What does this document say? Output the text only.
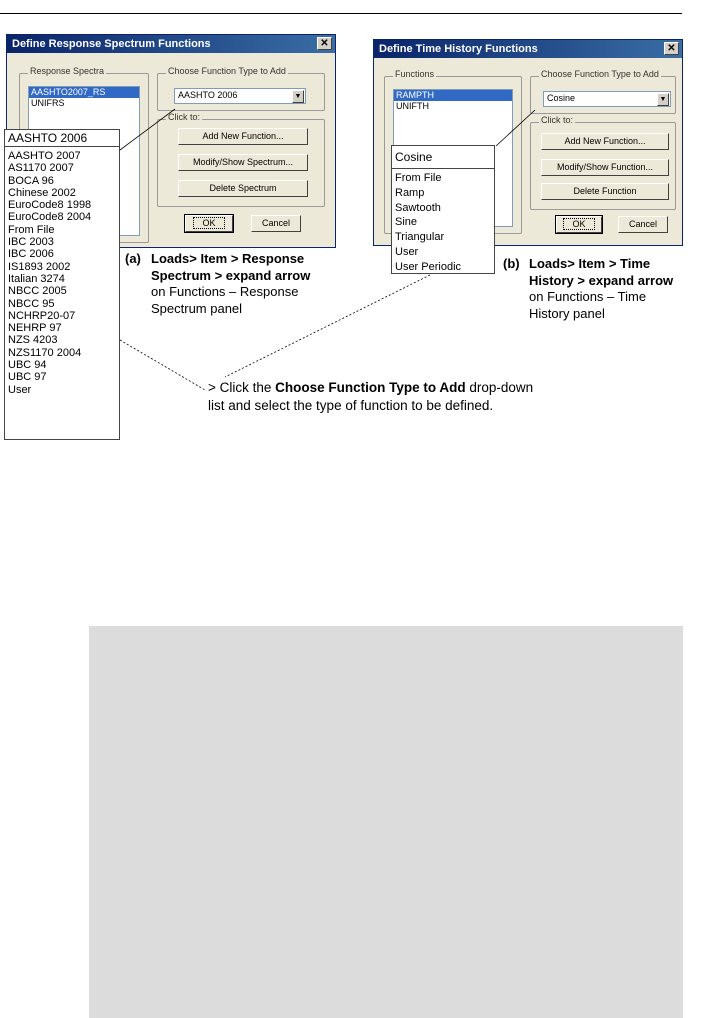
Define Response Spectrum Functions	✕
Response Spectra
AASHTO2007_RS
UNIFRS
Choose Function Type to Add
AASHTO 2006	▼
Click to:
Add New Function...
Modify/Show Spectrum...
Delete Spectrum
OK	Cancel
AASHTO 2006
AASHTO 2007
AS1170 2007
BOCA 96
Chinese 2002
EuroCode8 1998
EuroCode8 2004
From File
IBC 2003
IBC 2006
IS1893 2002
Italian 3274
NBCC 2005
NBCC 95
NCHRP20-07
NEHRP 97
NZS 4203
NZS1170 2004
UBC 94
UBC 97
User
Define Time History Functions	✕
Functions
RAMPTH
UNIFTH
Choose Function Type to Add
Cosine	▼
Click to:
Add New Function...
Modify/Show Function...
Delete Function
OK	Cancel
Cosine
From File
Ramp
Sawtooth
Sine
Triangular
User
User Periodic
(a) Loads> Item > Response
Spectrum > expand arrow
on Functions – Response
Spectrum panel
(b) Loads> Item > Time
History > expand arrow
on Functions – Time
History panel
> Click the Choose Function Type to Add drop-down
list and select the type of function to be defined.
